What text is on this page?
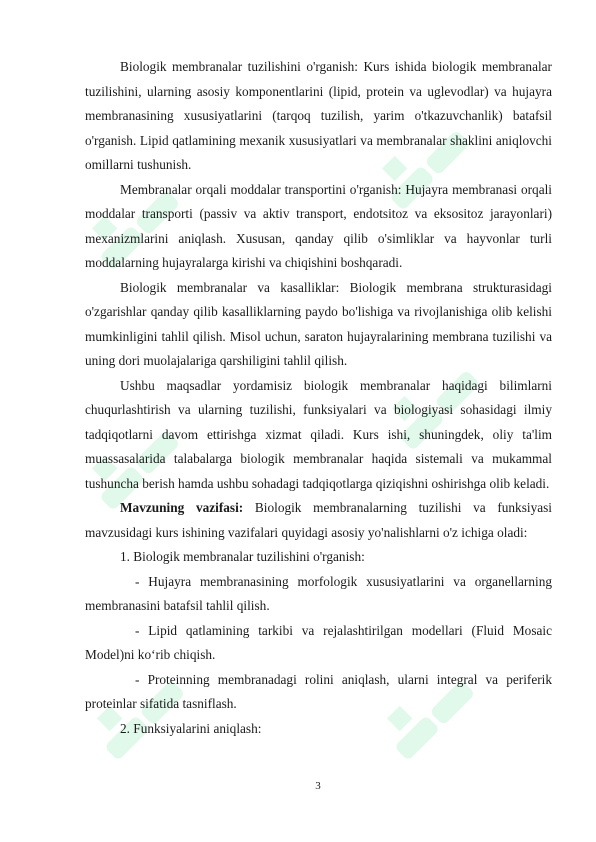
Biologik membranalar tuzilishini o'rganish: Kurs ishida biologik membranalar tuzilishini, ularning asosiy komponentlarini (lipid, protein va uglevodlar) va hujayra membranasining xususiyatlarini (tarqoq tuzilish, yarim o'tkazuvchanlik) batafsil o'rganish. Lipid qatlamining mexanik xususiyatlari va membranalar shaklini aniqlovchi omillarni tushunish.

Membranalar orqali moddalar transportini o'rganish: Hujayra membranasi orqali moddalar transporti (passiv va aktiv transport, endotsitoz va eksositoz jarayonlari) mexanizmlarini aniqlash. Xususan, qanday qilib o'simliklar va hayvonlar turli moddalarning hujayralarga kirishi va chiqishini boshqaradi.

Biologik membranalar va kasalliklar: Biologik membrana strukturasidagi o'zgarishlar qanday qilib kasalliklarning paydo bo'lishiga va rivojlanishiga olib kelishi mumkinligini tahlil qilish. Misol uchun, saraton hujayralarining membrana tuzilishi va uning dori muolajalariga qarshiligini tahlil qilish.

Ushbu maqsadlar yordamisiz biologik membranalar haqidagi bilimlarni chuqurlashtirish va ularning tuzilishi, funksiyalari va biologiyasi sohasidagi ilmiy tadqiqotlarni davom ettirishga xizmat qiladi. Kurs ishi, shuningdek, oliy ta'lim muassasalarida talabalarga biologik membranalar haqida sistemali va mukammal tushuncha berish hamda ushbu sohadagi tadqiqotlarga qiziqishni oshirishga olib keladi.

Mavzuning vazifasi: Biologik membranalarning tuzilishi va funksiyasi mavzusidagi kurs ishining vazifalari quyidagi asosiy yo'nalishlarni o'z ichiga oladi:

1. Biologik membranalar tuzilishini o'rganish:

- Hujayra membranasining morfologik xususiyatlarini va organellarning membranasini batafsil tahlil qilish.

- Lipid qatlamining tarkibi va rejalashtirilgan modellari (Fluid Mosaic Model)ni ko‘rib chiqish.

- Proteinning membranadagi rolini aniqlash, ularni integral va periferik proteinlar sifatida tasniflash.

2. Funksiyalarini aniqlash:

3
